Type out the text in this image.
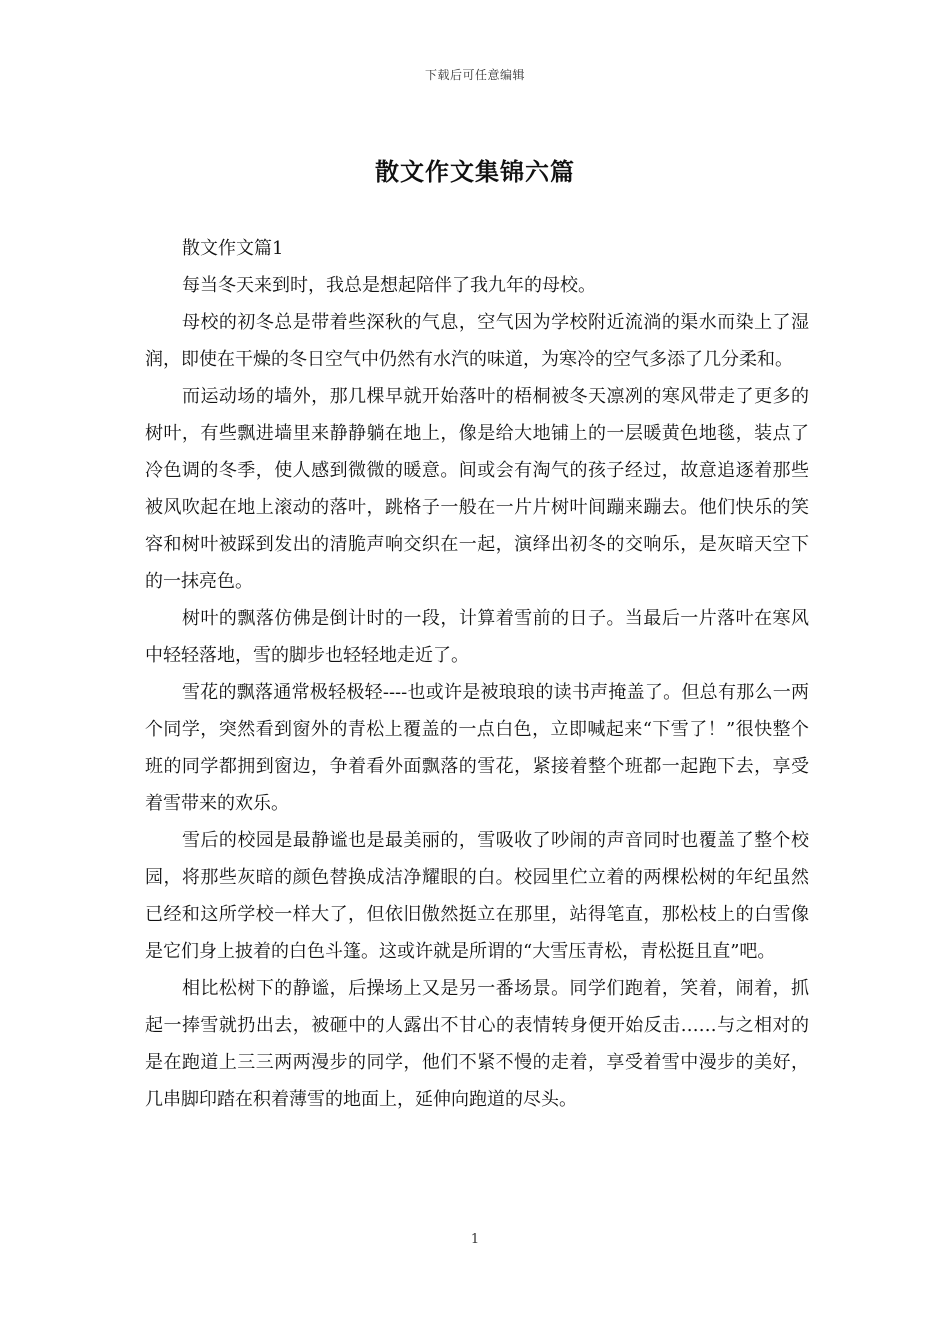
下载后可任意编辑
散文作文集锦六篇

散文作文篇1

每当冬天来到时，我总是想起陪伴了我九年的母校。

母校的初冬总是带着些深秋的气息，空气因为学校附近流淌的渠水而染上了湿润，即使在干燥的冬日空气中仍然有水汽的味道，为寒冷的空气多添了几分柔和。

而运动场的墙外，那几棵早就开始落叶的梧桐被冬天凛冽的寒风带走了更多的树叶，有些飘进墙里来静静躺在地上，像是给大地铺上的一层暖黄色地毯，装点了冷色调的冬季，使人感到微微的暖意。间或会有淘气的孩子经过，故意追逐着那些被风吹起在地上滚动的落叶，跳格子一般在一片片树叶间蹦来蹦去。他们快乐的笑容和树叶被踩到发出的清脆声响交织在一起，演绎出初冬的交响乐，是灰暗天空下的一抹亮色。

树叶的飘落仿佛是倒计时的一段，计算着雪前的日子。当最后一片落叶在寒风中轻轻落地，雪的脚步也轻轻地走近了。

雪花的飘落通常极轻极轻----也或许是被琅琅的读书声掩盖了。但总有那么一两个同学，突然看到窗外的青松上覆盖的一点白色，立即喊起来“下雪了！”很快整个班的同学都拥到窗边，争着看外面飘落的雪花，紧接着整个班都一起跑下去，享受着雪带来的欢乐。

雪后的校园是最静谧也是最美丽的，雪吸收了吵闹的声音同时也覆盖了整个校园，将那些灰暗的颜色替换成洁净耀眼的白。校园里伫立着的两棵松树的年纪虽然已经和这所学校一样大了，但依旧傲然挺立在那里，站得笔直，那松枝上的白雪像是它们身上披着的白色斗篷。这或许就是所谓的“大雪压青松，青松挺且直”吧。

相比松树下的静谧，后操场上又是另一番场景。同学们跑着，笑着，闹着，抓起一捧雪就扔出去，被砸中的人露出不甘心的表情转身便开始反击……与之相对的是在跑道上三三两两漫步的同学，他们不紧不慢的走着，享受着雪中漫步的美好，几串脚印踏在积着薄雪的地面上，延伸向跑道的尽头。

1
